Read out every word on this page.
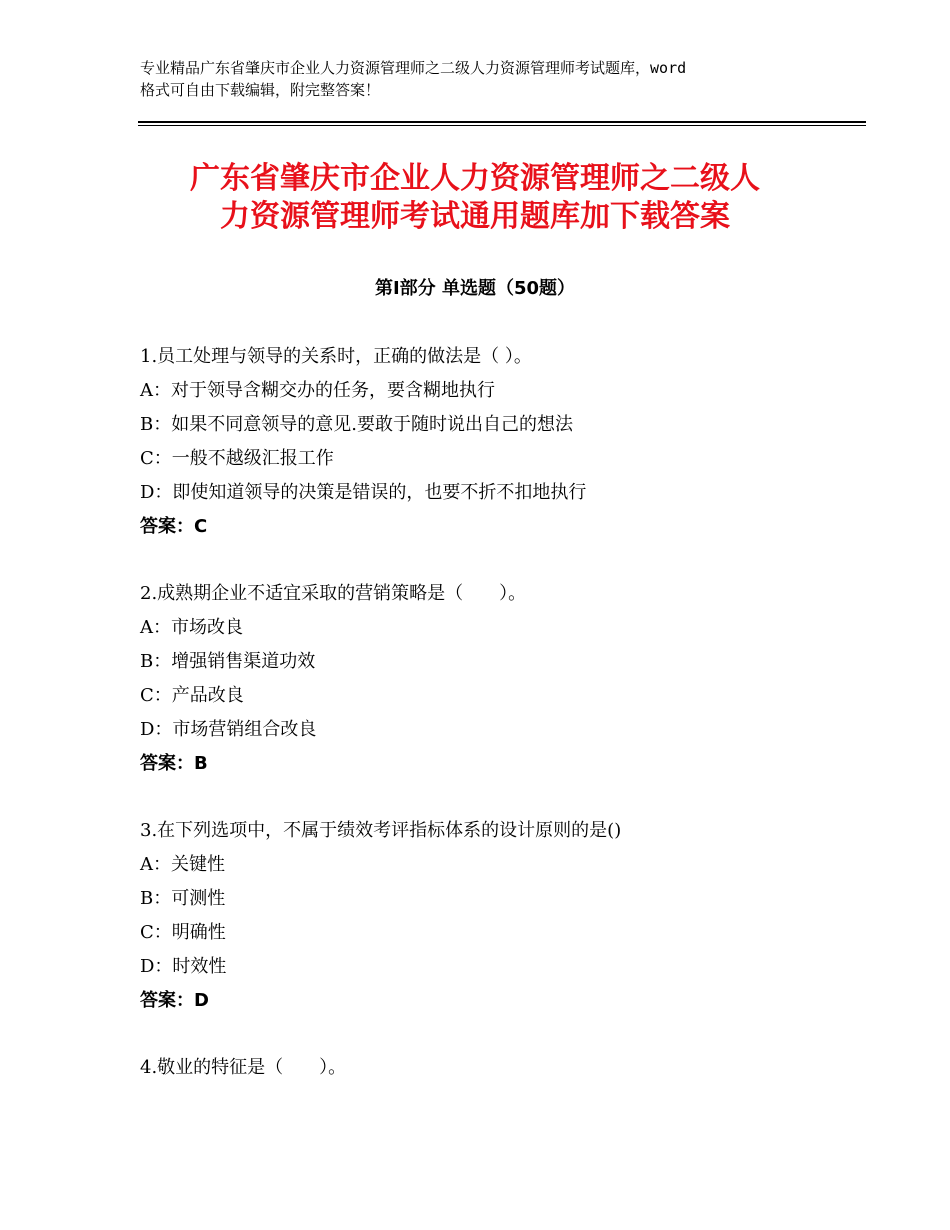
专业精品广东省肇庆市企业人力资源管理师之二级人力资源管理师考试题库，word
格式可自由下载编辑，附完整答案！
广东省肇庆市企业人力资源管理师之二级人
力资源管理师考试通用题库加下载答案
第Ⅰ部分 单选题（50题）
1.员工处理与领导的关系时，正确的做法是（ ）。
A：对于领导含糊交办的任务，要含糊地执行
B：如果不同意领导的意见.要敢于随时说出自己的想法
C：一般不越级汇报工作
D：即使知道领导的决策是错误的，也要不折不扣地执行
答案：C
2.成熟期企业不适宜采取的营销策略是（　　）。
A：市场改良
B：增强销售渠道功效
C：产品改良
D：市场营销组合改良
答案：B
3.在下列选项中，不属于绩效考评指标体系的设计原则的是()
A：关键性
B：可测性
C：明确性
D：时效性
答案：D
4.敬业的特征是（　　）。
